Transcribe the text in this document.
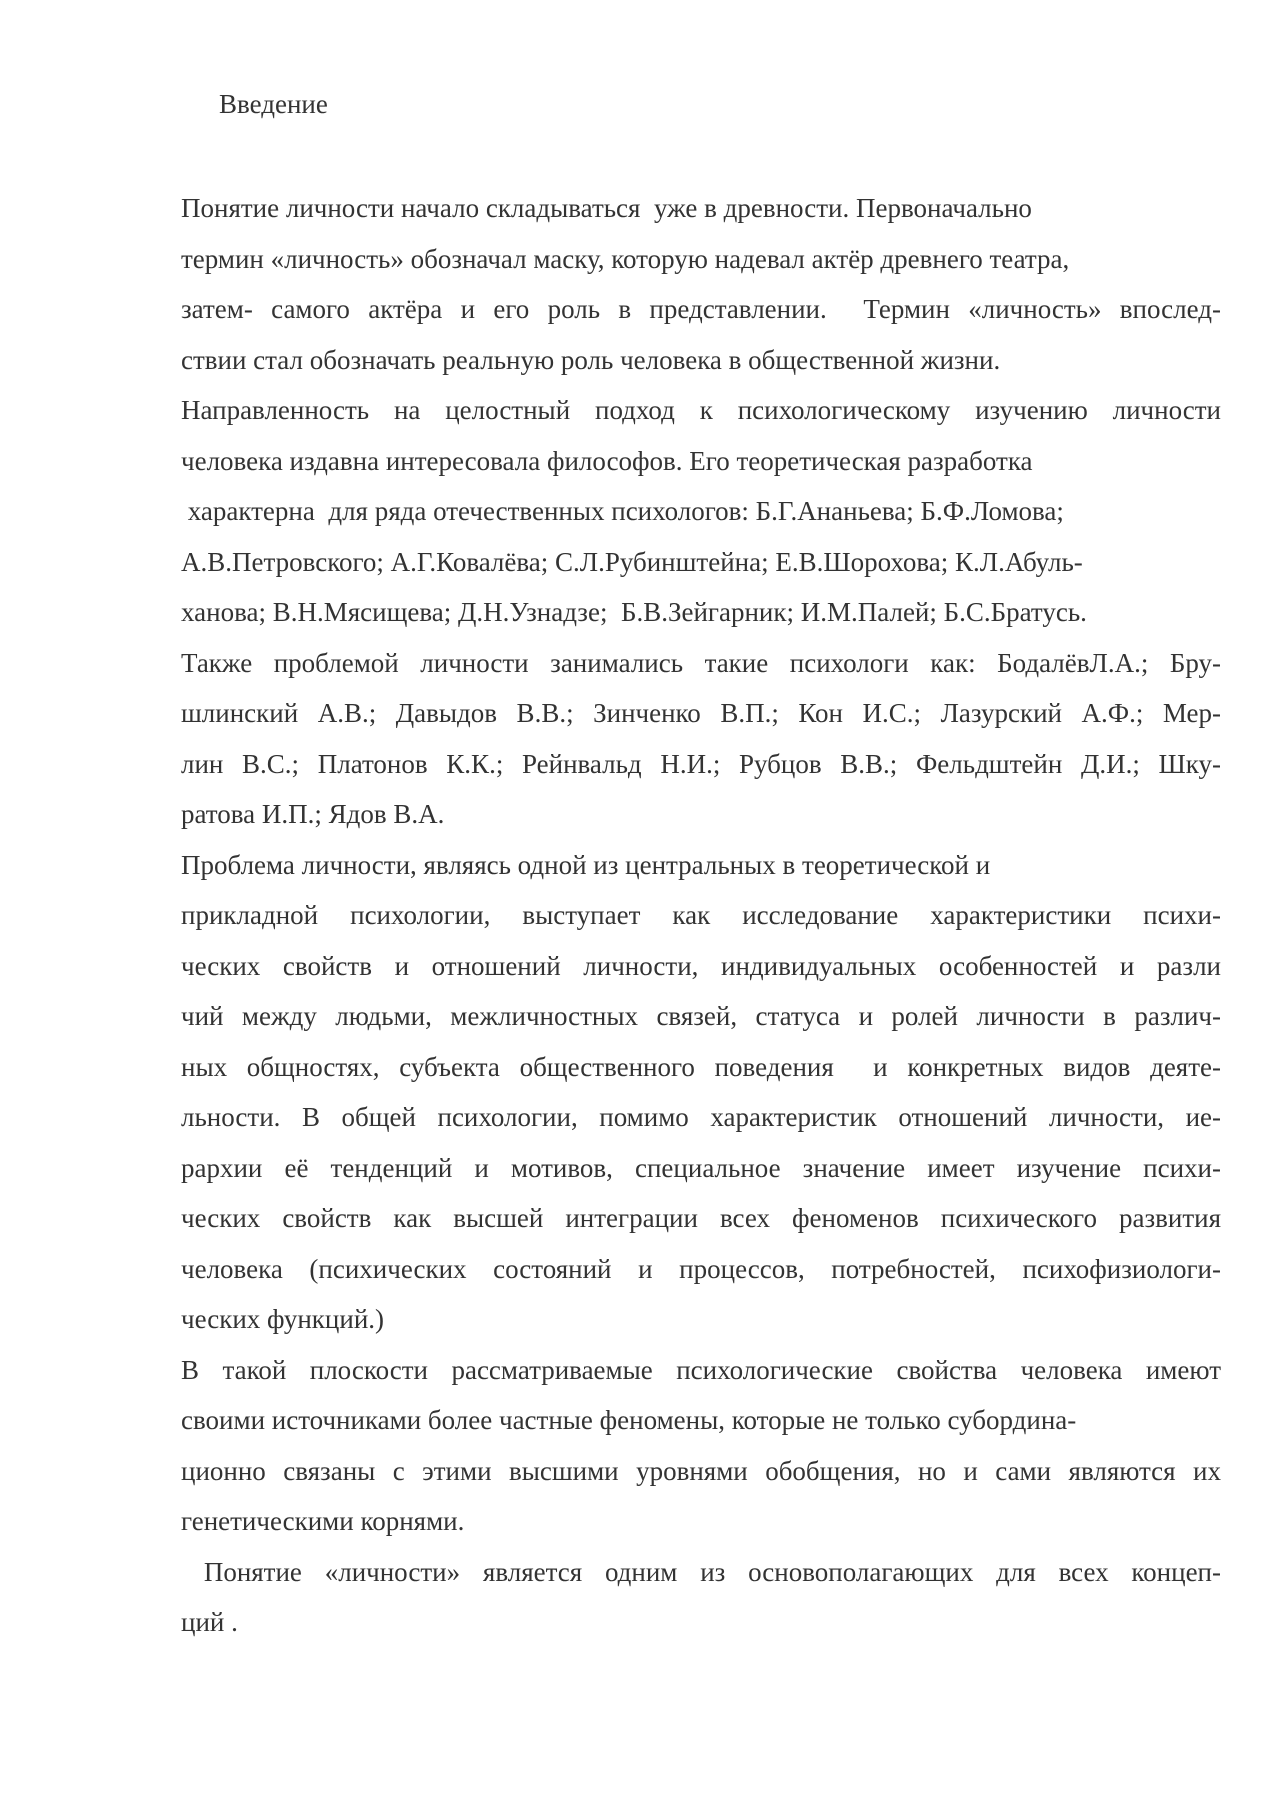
Введение
Понятие личности начало складываться  уже в древности. Первоначально
термин «личность» обозначал маску, которую надевал актёр древнего театра,
затем- самого актёра и его роль в представлении.  Термин «личность» впослед-
ствии стал обозначать реальную роль человека в общественной жизни.
Направленность на целостный подход к психологическому изучению личности
человека издавна интересовала философов. Его теоретическая разработка
характерна  для ряда отечественных психологов: Б.Г.Ананьева; Б.Ф.Ломова;
А.В.Петровского; А.Г.Ковалёва; С.Л.Рубинштейна; Е.В.Шорохова; К.Л.Абуль-
ханова; В.Н.Мясищева; Д.Н.Узнадзе;  Б.В.Зейгарник; И.М.Палей; Б.С.Братусь.
Также проблемой личности занимались такие психологи как: БодалёвЛ.А.; Бру-
шлинский А.В.; Давыдов В.В.; Зинченко В.П.; Кон И.С.; Лазурский А.Ф.; Мер-
лин В.С.; Платонов К.К.; Рейнвальд Н.И.; Рубцов В.В.; Фельдштейн Д.И.; Шку-
ратова И.П.; Ядов В.А.
Проблема личности, являясь одной из центральных в теоретической и
прикладной психологии, выступает как исследование характеристики психи-
ческих свойств и отношений личности, индивидуальных особенностей и разли
чий между людьми, межличностных связей, статуса и ролей личности в различ-
ных общностях, субъекта общественного поведения  и конкретных видов деяте-
льности. В общей психологии, помимо характеристик отношений личности, ие-
рархии её тенденций и мотивов, специальное значение имеет изучение психи-
ческих свойств как высшей интеграции всех феноменов психического развития
человека (психических состояний и процессов, потребностей, психофизиологи-
ческих функций.)
В такой плоскости рассматриваемые психологические свойства человека имеют
своими источниками более частные феномены, которые не только субордина-
ционно связаны с этими высшими уровнями обобщения, но и сами являются их
генетическими корнями.
Понятие «личности» является одним из основополагающих для всех концеп-
ций .
